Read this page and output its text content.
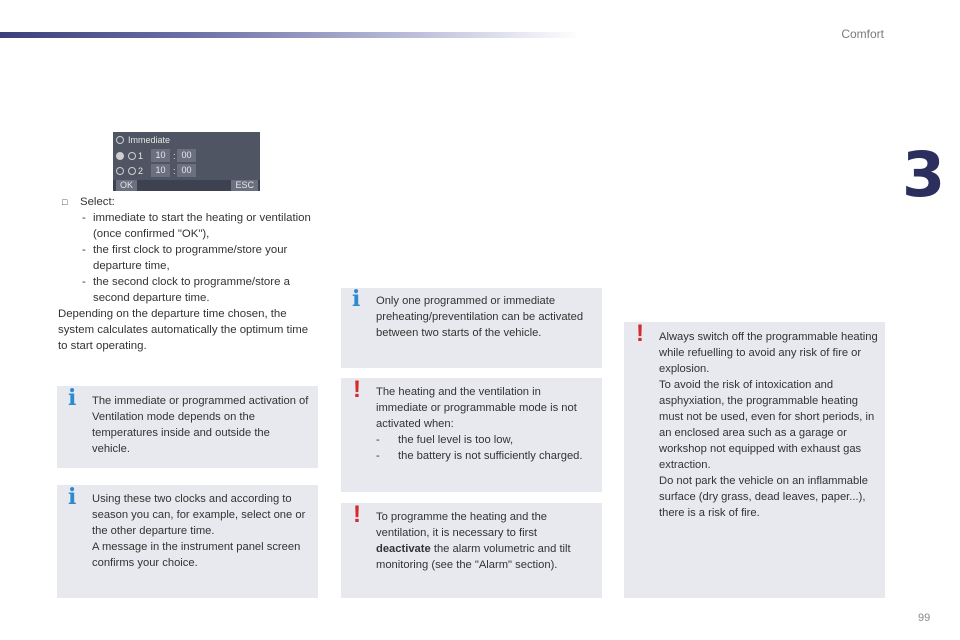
Comfort
3
99
Immediate
1	10 : 00
2	10 : 00
OK	ESC
□ Select:
- immediate to start the heating or ventilation (once confirmed "OK"),
- the first clock to programme/store your departure time,
- the second clock to programme/store a second departure time.
Depending on the departure time chosen, the system calculates automatically the optimum time to start operating.
i The immediate or programmed activation of Ventilation mode depends on the temperatures inside and outside the vehicle.
i Using these two clocks and according to season you can, for example, select one or the other departure time.
A message in the instrument panel screen confirms your choice.
i Only one programmed or immediate preheating/preventilation can be activated between two starts of the vehicle.
! The heating and the ventilation in immediate or programmable mode is not activated when:
- the fuel level is too low,
- the battery is not sufficiently charged.
! To programme the heating and the ventilation, it is necessary to first deactivate the alarm volumetric and tilt monitoring (see the "Alarm" section).
! Always switch off the programmable heating while refuelling to avoid any risk of fire or explosion.
To avoid the risk of intoxication and asphyxiation, the programmable heating must not be used, even for short periods, in an enclosed area such as a garage or workshop not equipped with exhaust gas extraction.
Do not park the vehicle on an inflammable surface (dry grass, dead leaves, paper...), there is a risk of fire.
